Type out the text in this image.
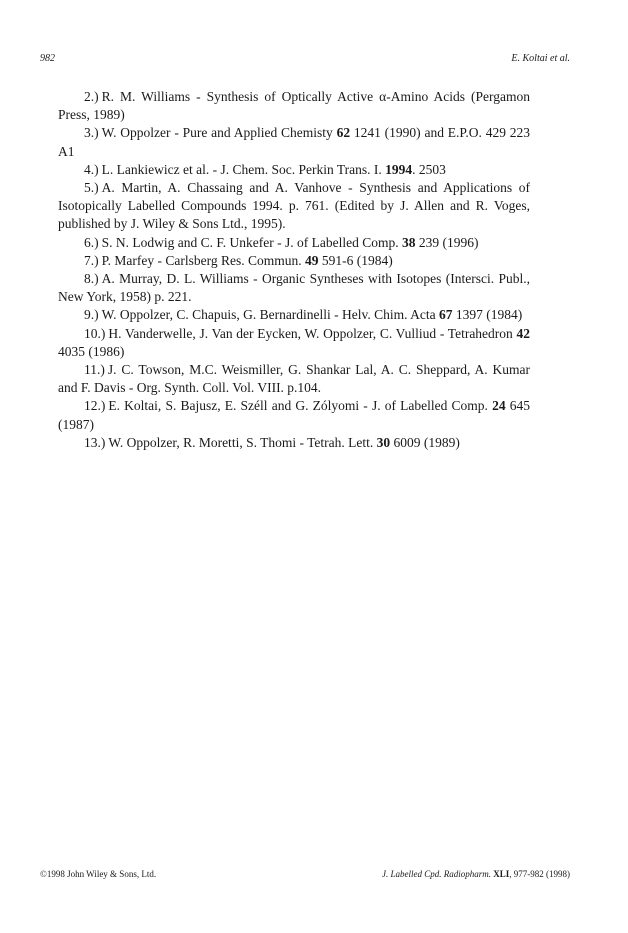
982	E. Koltai et al.

2.) R. M. Williams - Synthesis of Optically Active α-Amino Acids (Pergamon Press, 1989)

3.) W. Oppolzer - Pure and Applied Chemisty 62 1241 (1990) and E.P.O. 429 223 A1

4.) L. Lankiewicz et al. - J. Chem. Soc. Perkin Trans. I. 1994. 2503

5.) A. Martin, A. Chassaing and A. Vanhove - Synthesis and Applications of Isotopically Labelled Compounds 1994. p. 761. (Edited by J. Allen and R. Voges, published by J. Wiley & Sons Ltd., 1995).

6.) S. N. Lodwig and C. F. Unkefer - J. of Labelled Comp. 38 239 (1996)

7.) P. Marfey - Carlsberg Res. Commun. 49 591-6 (1984)

8.) A. Murray, D. L. Williams - Organic Syntheses with Isotopes (Intersci. Publ., New York, 1958) p. 221.

9.) W. Oppolzer, C. Chapuis, G. Bernardinelli - Helv. Chim. Acta 67 1397 (1984)

10.) H. Vanderwelle, J. Van der Eycken, W. Oppolzer, C. Vulliud - Tetrahedron 42 4035 (1986)

11.) J. C. Towson, M.C. Weismiller, G. Shankar Lal, A. C. Sheppard, A. Kumar and F. Davis - Org. Synth. Coll. Vol. VIII. p.104.

12.) E. Koltai, S. Bajusz, E. Széll and G. Zólyomi - J. of Labelled Comp. 24 645 (1987)

13.) W. Oppolzer, R. Moretti, S. Thomi - Tetrah. Lett. 30 6009 (1989)

©1998 John Wiley & Sons, Ltd.	J. Labelled Cpd. Radiopharm. XLI, 977-982 (1998)
